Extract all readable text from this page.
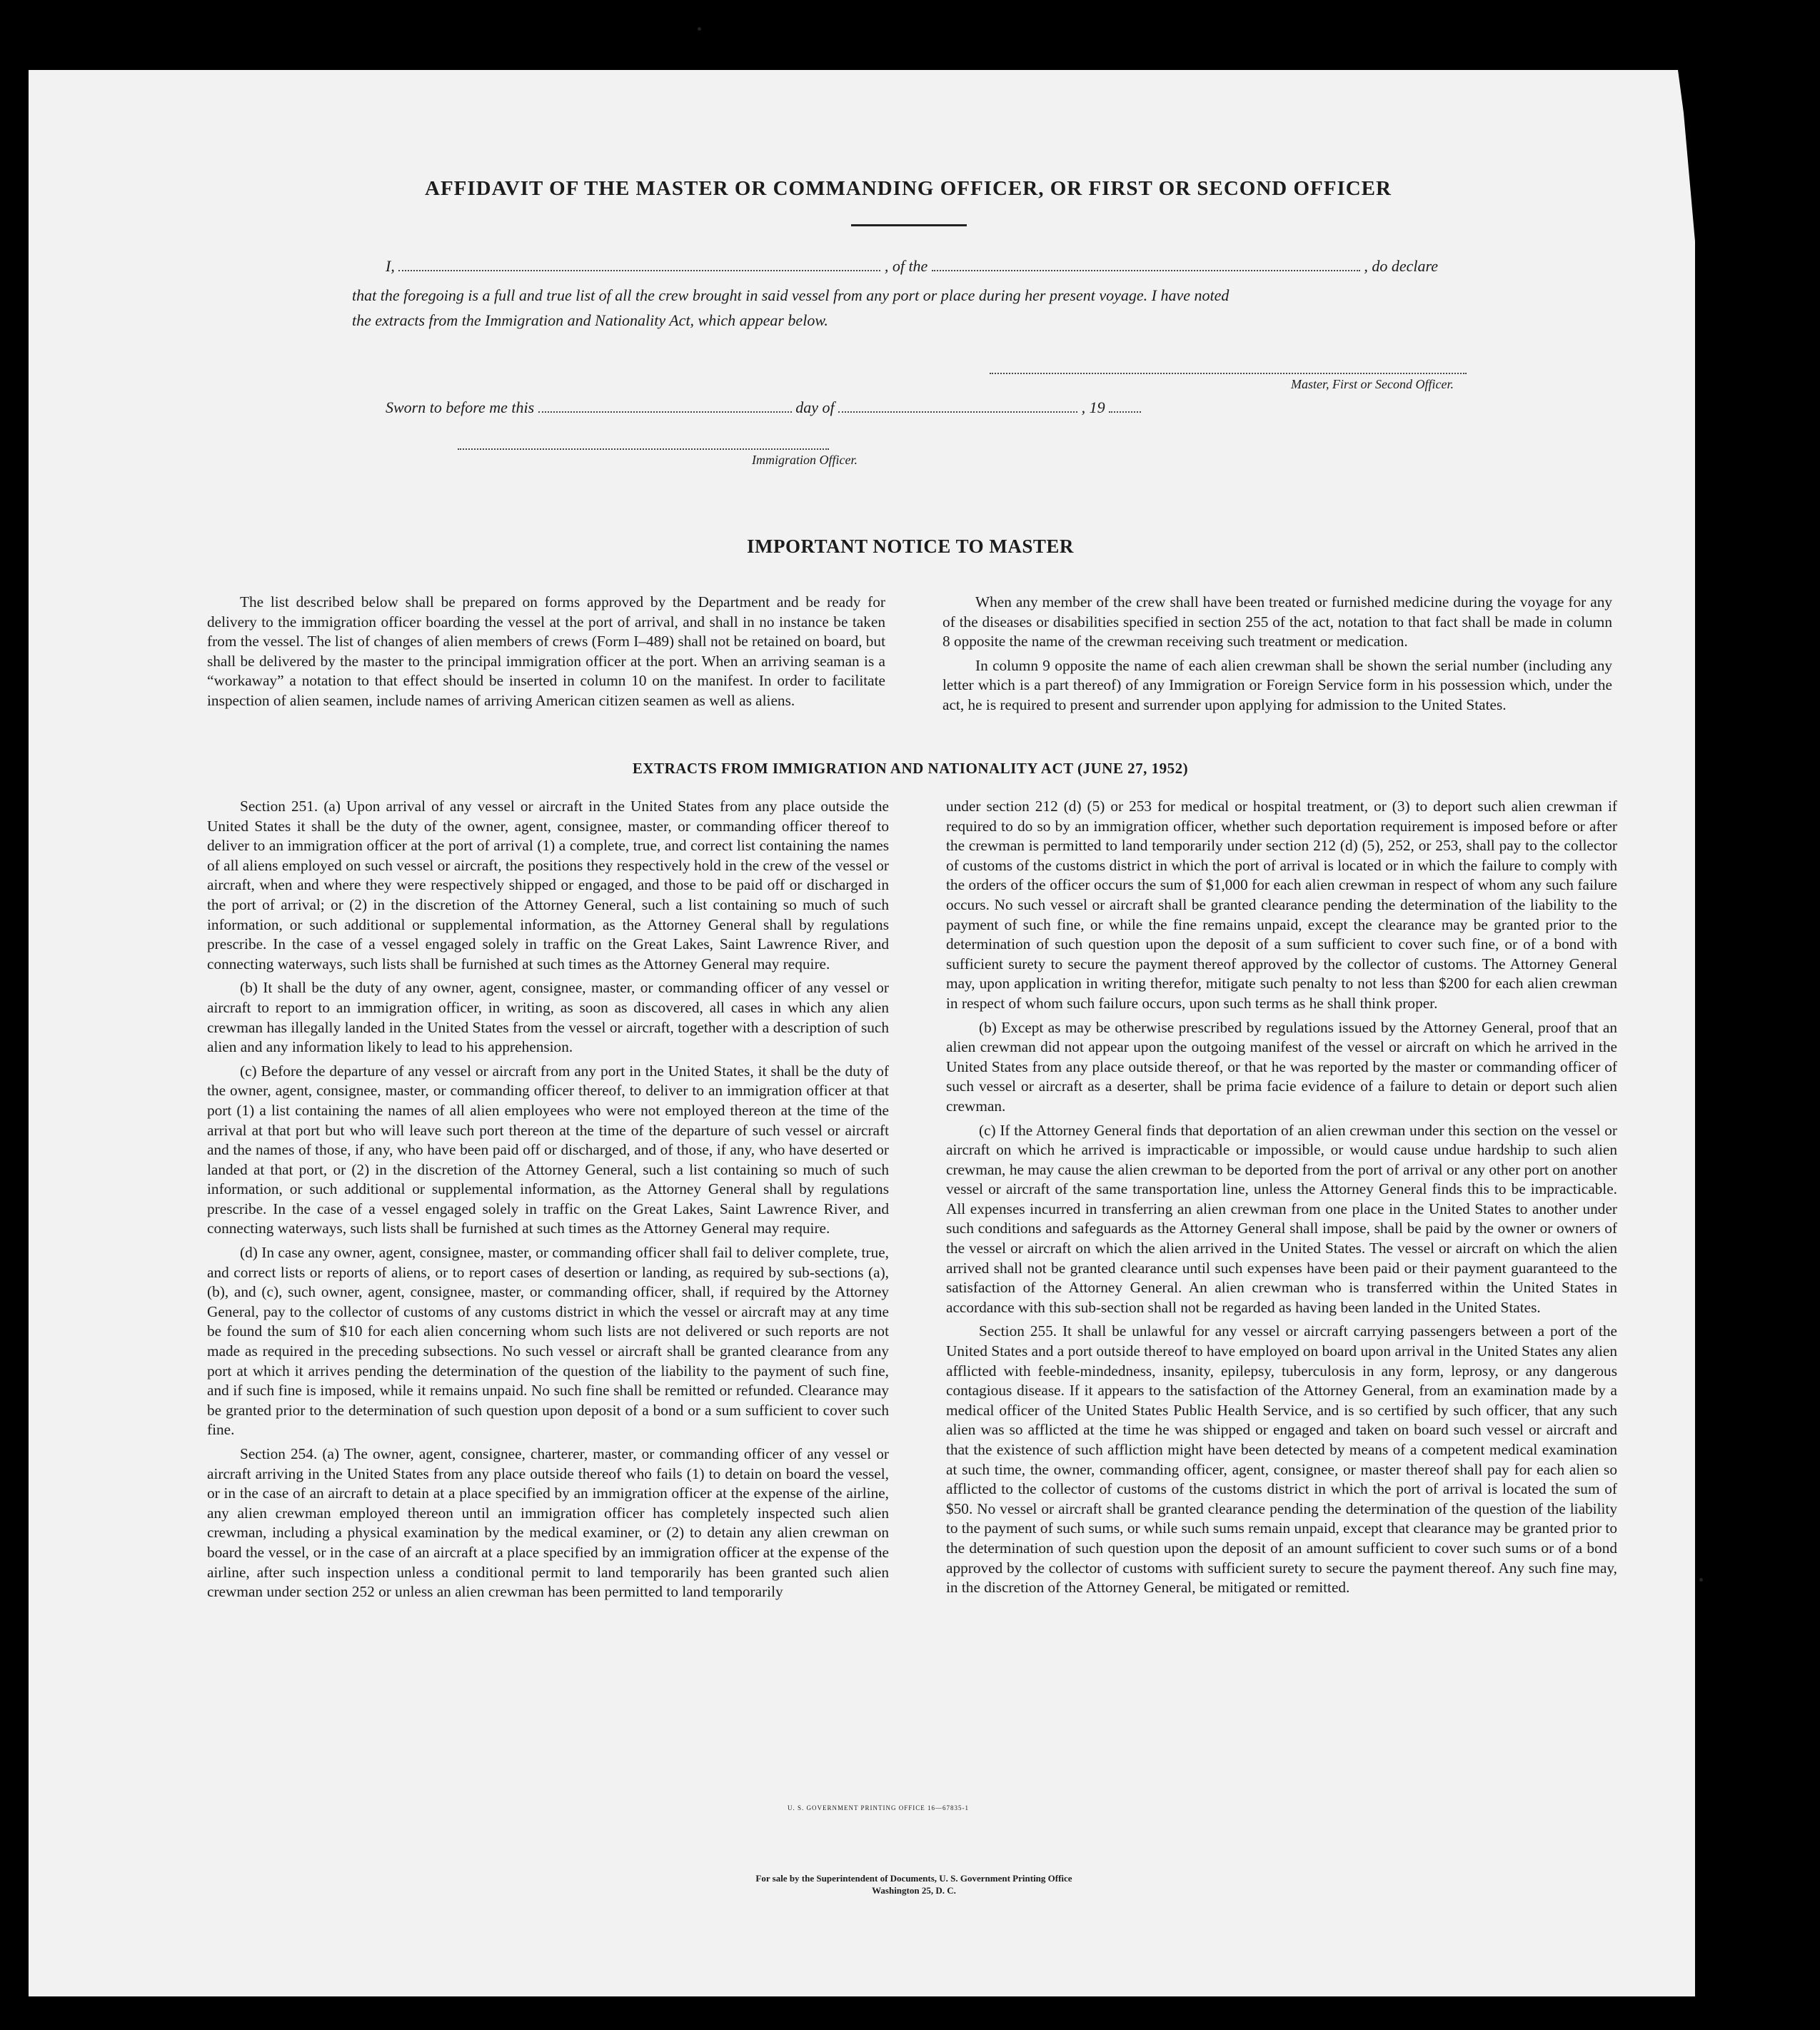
AFFIDAVIT OF THE MASTER OR COMMANDING OFFICER, OR FIRST OR SECOND OFFICER
I,	, of the	, do declare
that the foregoing is a full and true list of all the crew brought in said vessel from any port or place during her present voyage. I have noted
the extracts from the Immigration and Nationality Act, which appear below.
Master, First or Second Officer.
Sworn to before me this	day of	, 19
Immigration Officer.
IMPORTANT NOTICE TO MASTER

The list described below shall be prepared on forms approved by the Department and be ready for delivery to the immigration officer boarding the vessel at the port of arrival, and shall in no instance be taken from the vessel. The list of changes of alien members of crews (Form I–489) shall not be retained on board, but shall be delivered by the master to the principal immigration officer at the port. When an arriving seaman is a “workaway” a notation to that effect should be inserted in column 10 on the manifest. In order to facilitate inspection of alien seamen, include names of arriving American citizen seamen as well as aliens.

When any member of the crew shall have been treated or furnished medicine during the voyage for any of the diseases or disabilities specified in section 255 of the act, notation to that fact shall be made in column 8 opposite the name of the crewman receiving such treatment or medication.

In column 9 opposite the name of each alien crewman shall be shown the serial number (including any letter which is a part thereof) of any Immigration or Foreign Service form in his possession which, under the act, he is required to present and surrender upon applying for admission to the United States.

EXTRACTS FROM IMMIGRATION AND NATIONALITY ACT (JUNE 27, 1952)

Section 251. (a) Upon arrival of any vessel or aircraft in the United States from any place outside the United States it shall be the duty of the owner, agent, consignee, master, or commanding officer thereof to deliver to an immigration officer at the port of arrival (1) a complete, true, and correct list containing the names of all aliens employed on such vessel or aircraft, the positions they respectively hold in the crew of the vessel or aircraft, when and where they were respectively shipped or engaged, and those to be paid off or discharged in the port of arrival; or (2) in the discretion of the Attorney General, such a list containing so much of such information, or such additional or supplemental information, as the Attorney General shall by regulations prescribe. In the case of a vessel engaged solely in traffic on the Great Lakes, Saint Lawrence River, and connecting waterways, such lists shall be furnished at such times as the Attorney General may require.

(b) It shall be the duty of any owner, agent, consignee, master, or commanding officer of any vessel or aircraft to report to an immigration officer, in writing, as soon as discovered, all cases in which any alien crewman has illegally landed in the United States from the vessel or aircraft, together with a description of such alien and any information likely to lead to his apprehension.

(c) Before the departure of any vessel or aircraft from any port in the United States, it shall be the duty of the owner, agent, consignee, master, or commanding officer thereof, to deliver to an immigration officer at that port (1) a list containing the names of all alien employees who were not employed thereon at the time of the arrival at that port but who will leave such port thereon at the time of the departure of such vessel or aircraft and the names of those, if any, who have been paid off or discharged, and of those, if any, who have deserted or landed at that port, or (2) in the discretion of the Attorney General, such a list containing so much of such information, or such additional or supplemental information, as the Attorney General shall by regulations prescribe. In the case of a vessel engaged solely in traffic on the Great Lakes, Saint Lawrence River, and connecting waterways, such lists shall be furnished at such times as the Attorney General may require.

(d) In case any owner, agent, consignee, master, or commanding officer shall fail to deliver complete, true, and correct lists or reports of aliens, or to report cases of desertion or landing, as required by sub-sections (a), (b), and (c), such owner, agent, consignee, master, or commanding officer, shall, if required by the Attorney General, pay to the collector of customs of any customs district in which the vessel or aircraft may at any time be found the sum of $10 for each alien concerning whom such lists are not delivered or such reports are not made as required in the preceding subsections. No such vessel or aircraft shall be granted clearance from any port at which it arrives pending the determination of the question of the liability to the payment of such fine, and if such fine is imposed, while it remains unpaid. No such fine shall be remitted or refunded. Clearance may be granted prior to the determination of such question upon deposit of a bond or a sum sufficient to cover such fine.

Section 254. (a) The owner, agent, consignee, charterer, master, or commanding officer of any vessel or aircraft arriving in the United States from any place outside thereof who fails (1) to detain on board the vessel, or in the case of an aircraft to detain at a place specified by an immigration officer at the expense of the airline, any alien crewman employed thereon until an immigration officer has completely inspected such alien crewman, including a physical examination by the medical examiner, or (2) to detain any alien crewman on board the vessel, or in the case of an aircraft at a place specified by an immigration officer at the expense of the airline, after such inspection unless a conditional permit to land temporarily has been granted such alien crewman under section 252 or unless an alien crewman has been permitted to land temporarily

under section 212 (d) (5) or 253 for medical or hospital treatment, or (3) to deport such alien crewman if required to do so by an immigration officer, whether such deportation requirement is imposed before or after the crewman is permitted to land temporarily under section 212 (d) (5), 252, or 253, shall pay to the collector of customs of the customs district in which the port of arrival is located or in which the failure to comply with the orders of the officer occurs the sum of $1,000 for each alien crewman in respect of whom any such failure occurs. No such vessel or aircraft shall be granted clearance pending the determination of the liability to the payment of such fine, or while the fine remains unpaid, except the clearance may be granted prior to the determination of such question upon the deposit of a sum sufficient to cover such fine, or of a bond with sufficient surety to secure the payment thereof approved by the collector of customs. The Attorney General may, upon application in writing therefor, mitigate such penalty to not less than $200 for each alien crewman in respect of whom such failure occurs, upon such terms as he shall think proper.

(b) Except as may be otherwise prescribed by regulations issued by the Attorney General, proof that an alien crewman did not appear upon the outgoing manifest of the vessel or aircraft on which he arrived in the United States from any place outside thereof, or that he was reported by the master or commanding officer of such vessel or aircraft as a deserter, shall be prima facie evidence of a failure to detain or deport such alien crewman.

(c) If the Attorney General finds that deportation of an alien crewman under this section on the vessel or aircraft on which he arrived is impracticable or impossible, or would cause undue hardship to such alien crewman, he may cause the alien crewman to be deported from the port of arrival or any other port on another vessel or aircraft of the same transportation line, unless the Attorney General finds this to be impracticable. All expenses incurred in transferring an alien crewman from one place in the United States to another under such conditions and safeguards as the Attorney General shall impose, shall be paid by the owner or owners of the vessel or aircraft on which the alien arrived in the United States. The vessel or aircraft on which the alien arrived shall not be granted clearance until such expenses have been paid or their payment guaranteed to the satisfaction of the Attorney General. An alien crewman who is transferred within the United States in accordance with this sub-section shall not be regarded as having been landed in the United States.

Section 255. It shall be unlawful for any vessel or aircraft carrying passengers between a port of the United States and a port outside thereof to have employed on board upon arrival in the United States any alien afflicted with feeble-mindedness, insanity, epilepsy, tuberculosis in any form, leprosy, or any dangerous contagious disease. If it appears to the satisfaction of the Attorney General, from an examination made by a medical officer of the United States Public Health Service, and is so certified by such officer, that any such alien was so afflicted at the time he was shipped or engaged and taken on board such vessel or aircraft and that the existence of such affliction might have been detected by means of a competent medical examination at such time, the owner, commanding officer, agent, consignee, or master thereof shall pay for each alien so afflicted to the collector of customs of the customs district in which the port of arrival is located the sum of $50. No vessel or aircraft shall be granted clearance pending the determination of the question of the liability to the payment of such sums, or while such sums remain unpaid, except that clearance may be granted prior to the determination of such question upon the deposit of an amount sufficient to cover such sums or of a bond approved by the collector of customs with sufficient surety to secure the payment thereof. Any such fine may, in the discretion of the Attorney General, be mitigated or remitted.

U. S. GOVERNMENT PRINTING OFFICE 16—67835-1
For sale by the Superintendent of Documents, U. S. Government Printing Office
Washington 25, D. C.
